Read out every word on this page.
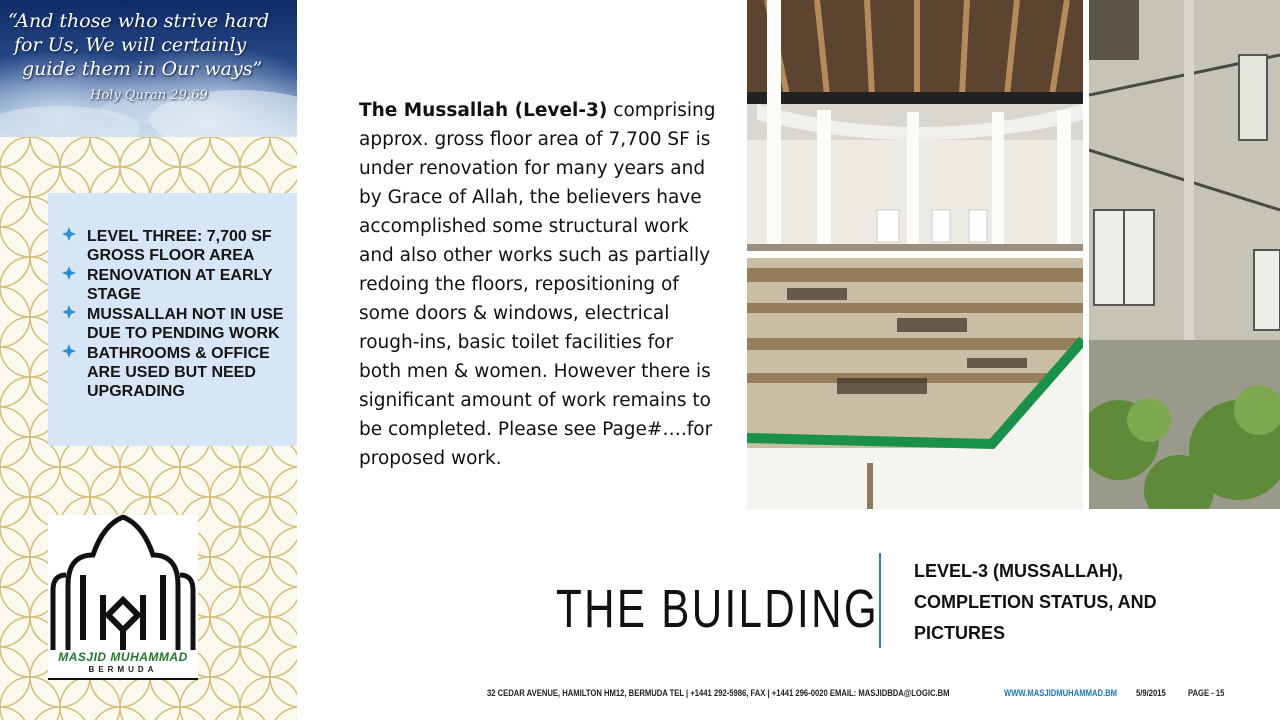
“And those who strive hard
for Us, We will certainly
guide them in Our ways”
Holy Quran 29:69
LEVEL THREE: 7,700 SF GROSS FLOOR AREA
RENOVATION AT EARLY STAGE
MUSSALLAH NOT IN USE DUE TO PENDING WORK
BATHROOMS & OFFICE ARE USED BUT NEED UPGRADING
MASJID MUHAMMAD
BERMUDA
The Mussallah (Level-3) comprising approx. gross floor area of 7,700 SF is under renovation for many years and by Grace of Allah, the believers have accomplished some structural work and also other works such as partially redoing the floors, repositioning of some doors & windows, electrical rough-ins, basic toilet facilities for both men & women. However there is significant amount of work remains to be completed. Please see Page#….for proposed work.
THE BUILDING
LEVEL-3 (MUSSALLAH), COMPLETION STATUS, AND PICTURES
32 CEDAR AVENUE, HAMILTON HM12, BERMUDA TEL | +1441 292-5986, FAX | +1441 296-0020 EMAIL: MASJIDBDA@LOGIC.BM	WWW.MASJIDMUHAMMAD.BM 5/9/2015 PAGE - 15
